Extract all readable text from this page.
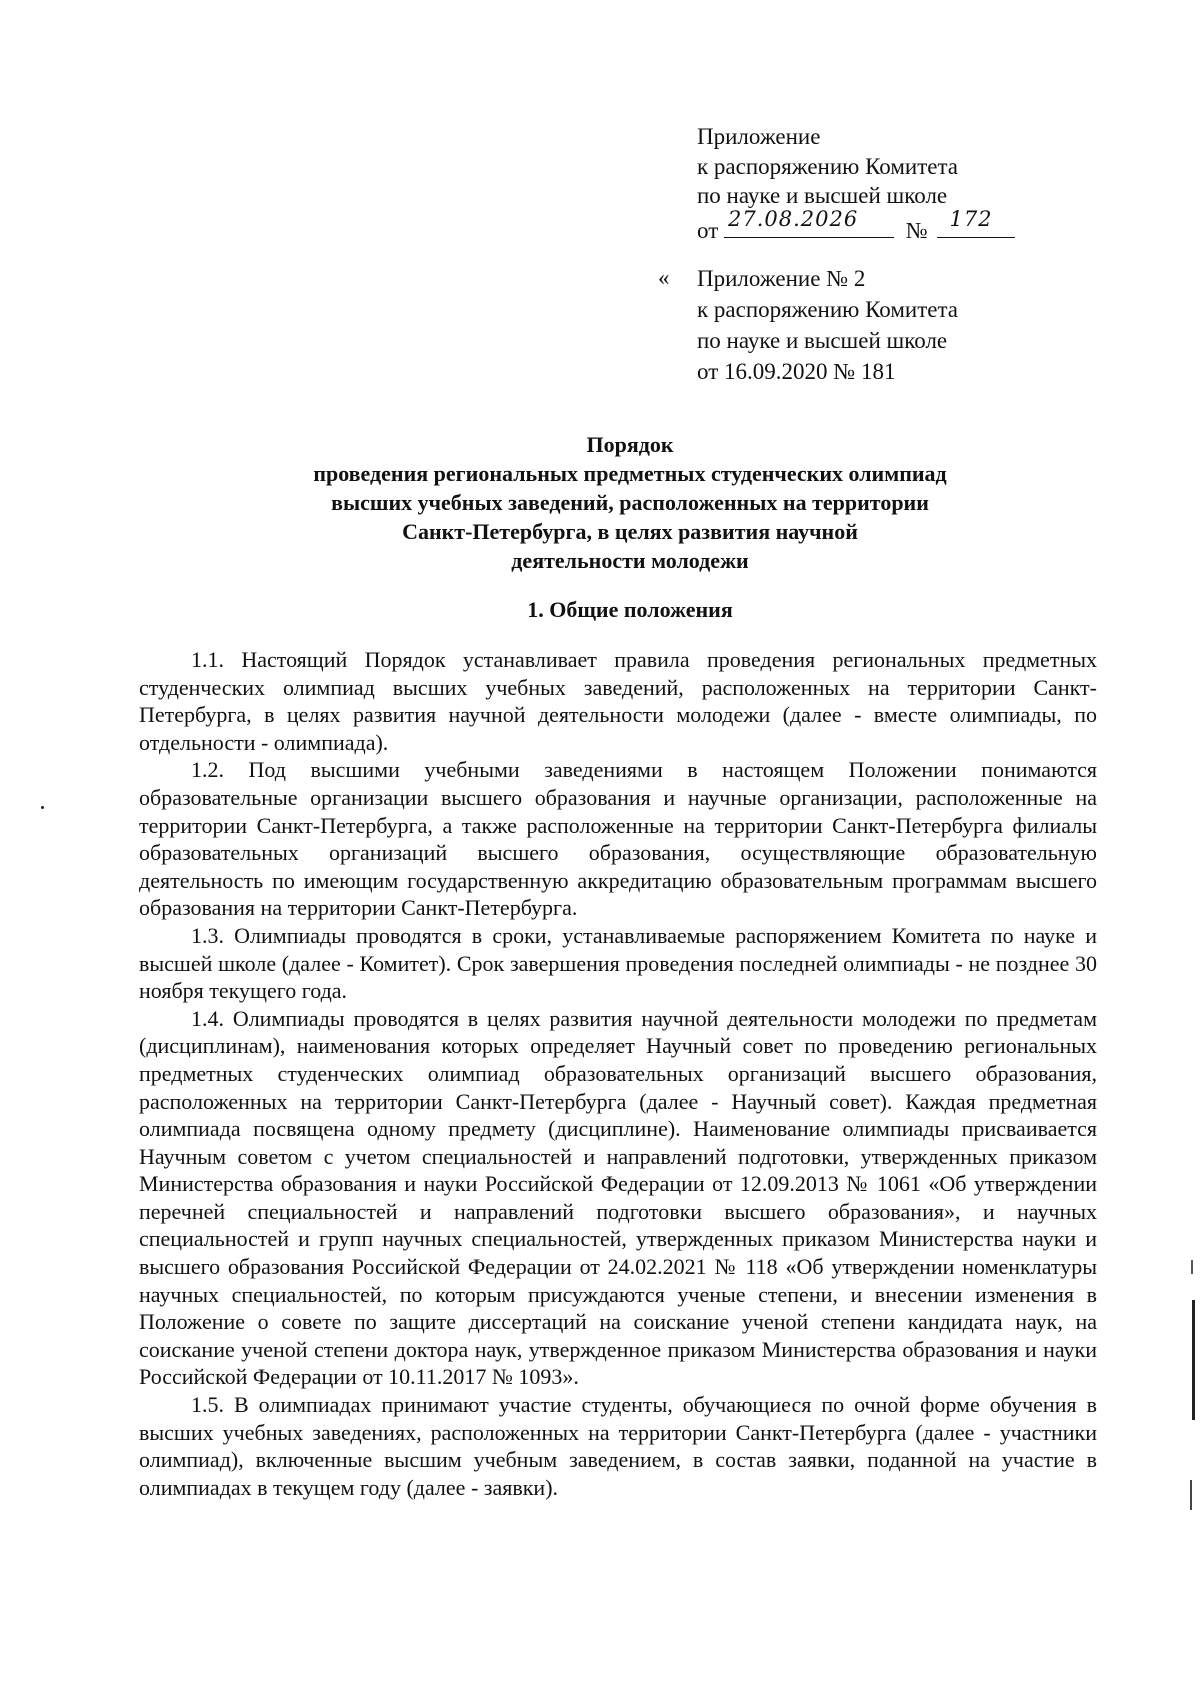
Приложение
к распоряжению Комитета
по науке и высшей школе
от 27.08.2026 № 172
« Приложение № 2
к распоряжению Комитета
по науке и высшей школе
от 16.09.2020 № 181
Порядок
проведения региональных предметных студенческих олимпиад
высших учебных заведений, расположенных на территории
Санкт-Петербурга, в целях развития научной
деятельности молодежи
1. Общие положения

1.1. Настоящий Порядок устанавливает правила проведения региональных предметных студенческих олимпиад высших учебных заведений, расположенных на территории Санкт-Петербурга, в целях развития научной деятельности молодежи (далее - вместе олимпиады, по отдельности - олимпиада).

1.2. Под высшими учебными заведениями в настоящем Положении понимаются образовательные организации высшего образования и научные организации, расположенные на территории Санкт-Петербурга, а также расположенные на территории Санкт-Петербурга филиалы образовательных организаций высшего образования, осуществляющие образовательную деятельность по имеющим государственную аккредитацию образовательным программам высшего образования на территории Санкт-Петербурга.

1.3. Олимпиады проводятся в сроки, устанавливаемые распоряжением Комитета по науке и высшей школе (далее - Комитет). Срок завершения проведения последней олимпиады - не позднее 30 ноября текущего года.

1.4. Олимпиады проводятся в целях развития научной деятельности молодежи по предметам (дисциплинам), наименования которых определяет Научный совет по проведению региональных предметных студенческих олимпиад образовательных организаций высшего образования, расположенных на территории Санкт-Петербурга (далее - Научный совет). Каждая предметная олимпиада посвящена одному предмету (дисциплине). Наименование олимпиады присваивается Научным советом с учетом специальностей и направлений подготовки, утвержденных приказом Министерства образования и науки Российской Федерации от 12.09.2013 № 1061 «Об утверждении перечней специальностей и направлений подготовки высшего образования», и научных специальностей и групп научных специальностей, утвержденных приказом Министерства науки и высшего образования Российской Федерации от 24.02.2021 № 118 «Об утверждении номенклатуры научных специальностей, по которым присуждаются ученые степени, и внесении изменения в Положение о совете по защите диссертаций на соискание ученой степени кандидата наук, на соискание ученой степени доктора наук, утвержденное приказом Министерства образования и науки Российской Федерации от 10.11.2017 № 1093».

1.5. В олимпиадах принимают участие студенты, обучающиеся по очной форме обучения в высших учебных заведениях, расположенных на территории Санкт-Петербурга (далее - участники олимпиад), включенные высшим учебным заведением, в состав заявки, поданной на участие в олимпиадах в текущем году (далее - заявки).
